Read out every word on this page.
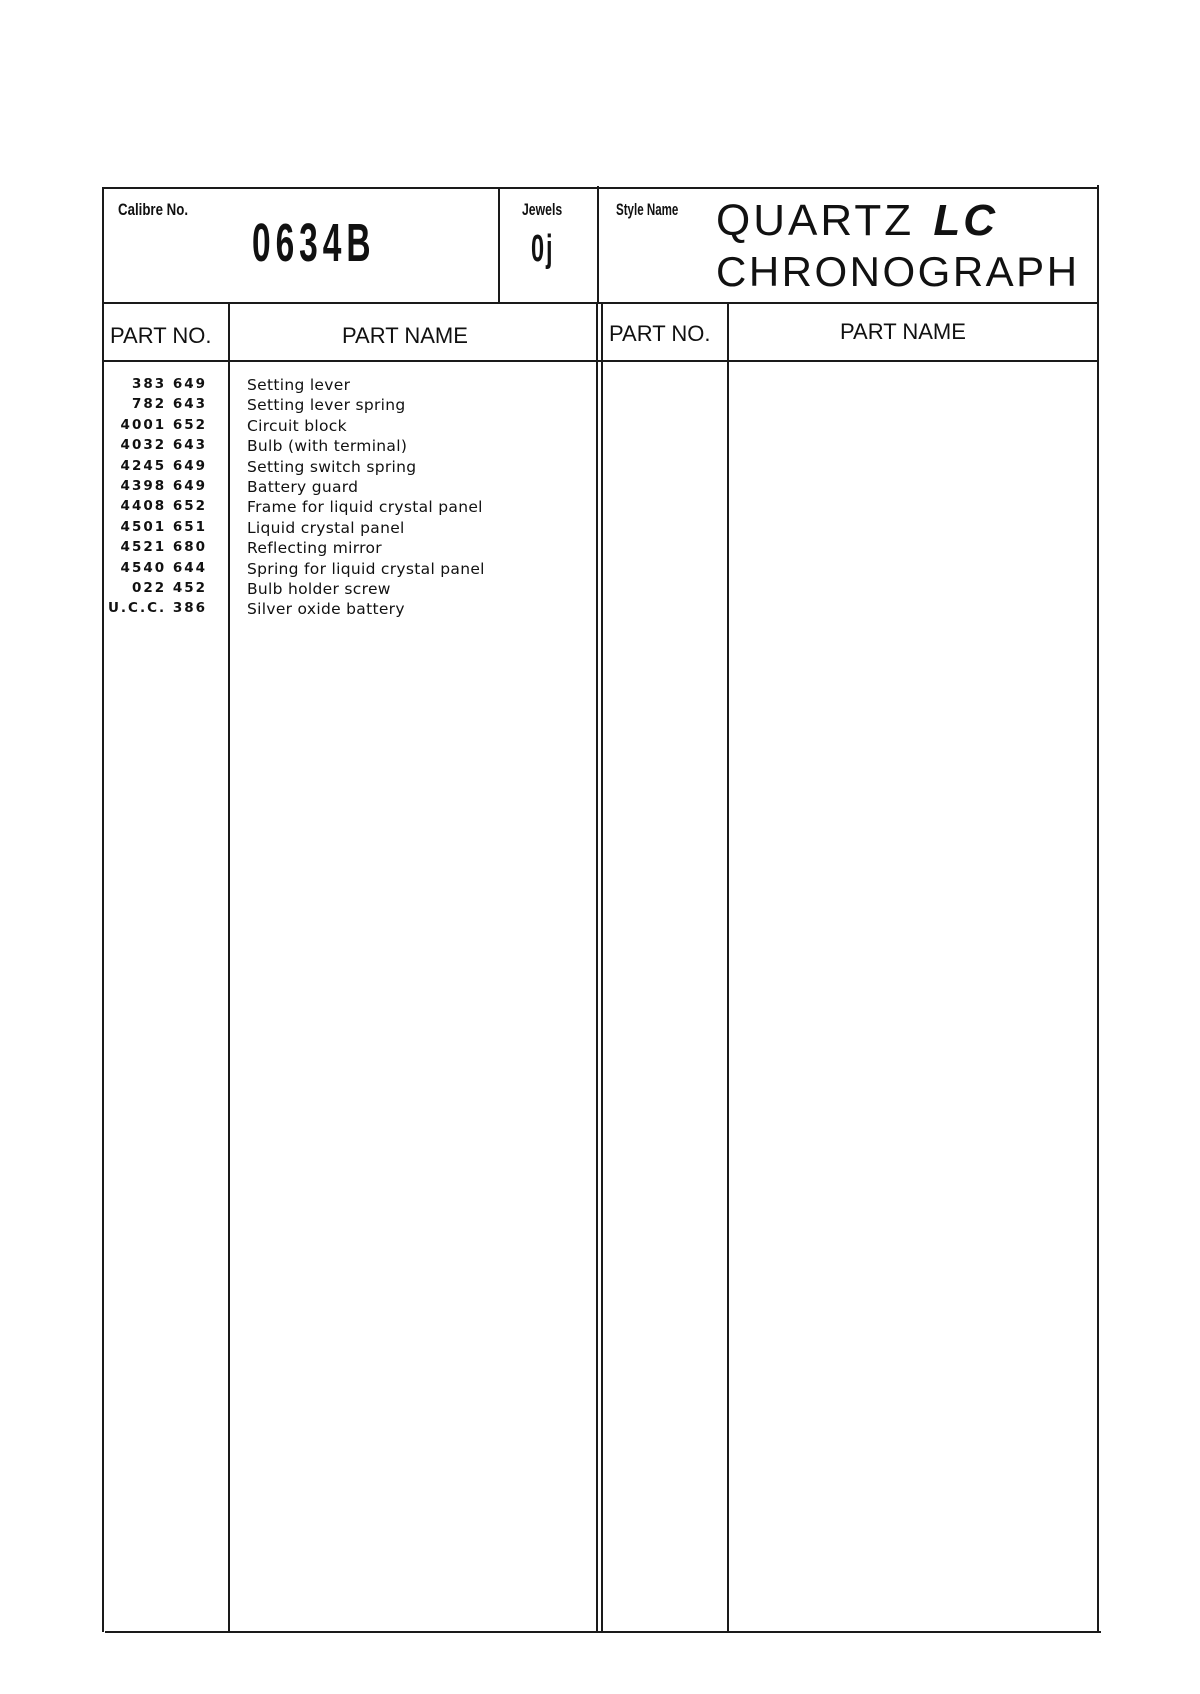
Calibre No.
0634B
Jewels
0j
Style Name QUARTZ LC
CHRONOGRAPH
PART NO.	PART NAME	PART NO.	PART NAME
383 649	Setting lever
782 643	Setting lever spring
4001 652	Circuit block
4032 643	Bulb (with terminal)
4245 649	Setting switch spring
4398 649	Battery guard
4408 652	Frame for liquid crystal panel
4501 651	Liquid crystal panel
4521 680	Reflecting mirror
4540 644	Spring for liquid crystal panel
022 452	Bulb holder screw
U.C.C. 386	Silver oxide battery
